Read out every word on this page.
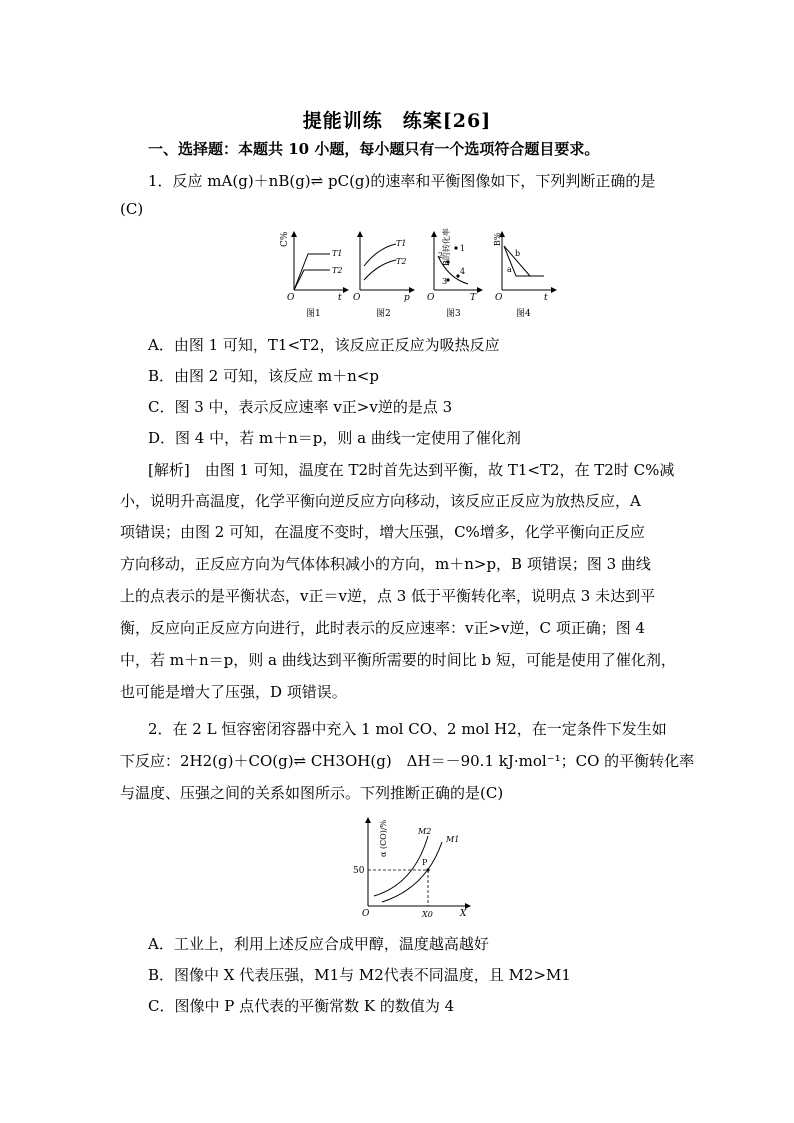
提能训练　练案[26]
一、选择题：本题共 10 小题，每小题只有一个选项符合题目要求。
1．反应 mA(g)＋nB(g)⇌ pC(g)的速率和平衡图像如下，下列判断正确的是
(C)
C%
O	t
T1
T2
图1
O	p
T1
T2
图2
1
2
3
4
B的转化率
O	T
图3
B%
O	t
a
b
图4
A．由图 1 可知，T1<T2，该反应正反应为吸热反应
B．由图 2 可知，该反应 m＋n<p
C．图 3 中，表示反应速率 v正>v逆的是点 3
D．图 4 中，若 m＋n＝p，则 a 曲线一定使用了催化剂
[解析]　由图 1 可知，温度在 T2时首先达到平衡，故 T1<T2，在 T2时 C%减
小，说明升高温度，化学平衡向逆反应方向移动，该反应正反应为放热反应，A
项错误；由图 2 可知，在温度不变时，增大压强，C%增多，化学平衡向正反应
方向移动，正反应方向为气体体积减小的方向，m＋n>p，B 项错误；图 3 曲线
上的点表示的是平衡状态，v正＝v逆，点 3 低于平衡转化率，说明点 3 未达到平
衡，反应向正反应方向进行，此时表示的反应速率：v正>v逆，C 项正确；图 4
中，若 m＋n＝p，则 a 曲线达到平衡所需要的时间比 b 短，可能是使用了催化剂，
也可能是增大了压强，D 项错误。
2．在 2 L 恒容密闭容器中充入 1 mol CO、2 mol H2，在一定条件下发生如
下反应：2H2(g)＋CO(g)⇌ CH3OH(g)　ΔH＝－90.1 kJ·mol⁻¹；CO 的平衡转化率
与温度、压强之间的关系如图所示。下列推断正确的是(C)
α (CO)/%
O	X
50
X0
M2
M1
P
A．工业上，利用上述反应合成甲醇，温度越高越好
B．图像中 X 代表压强，M1与 M2代表不同温度，且 M2>M1
C．图像中 P 点代表的平衡常数 K 的数值为 4
